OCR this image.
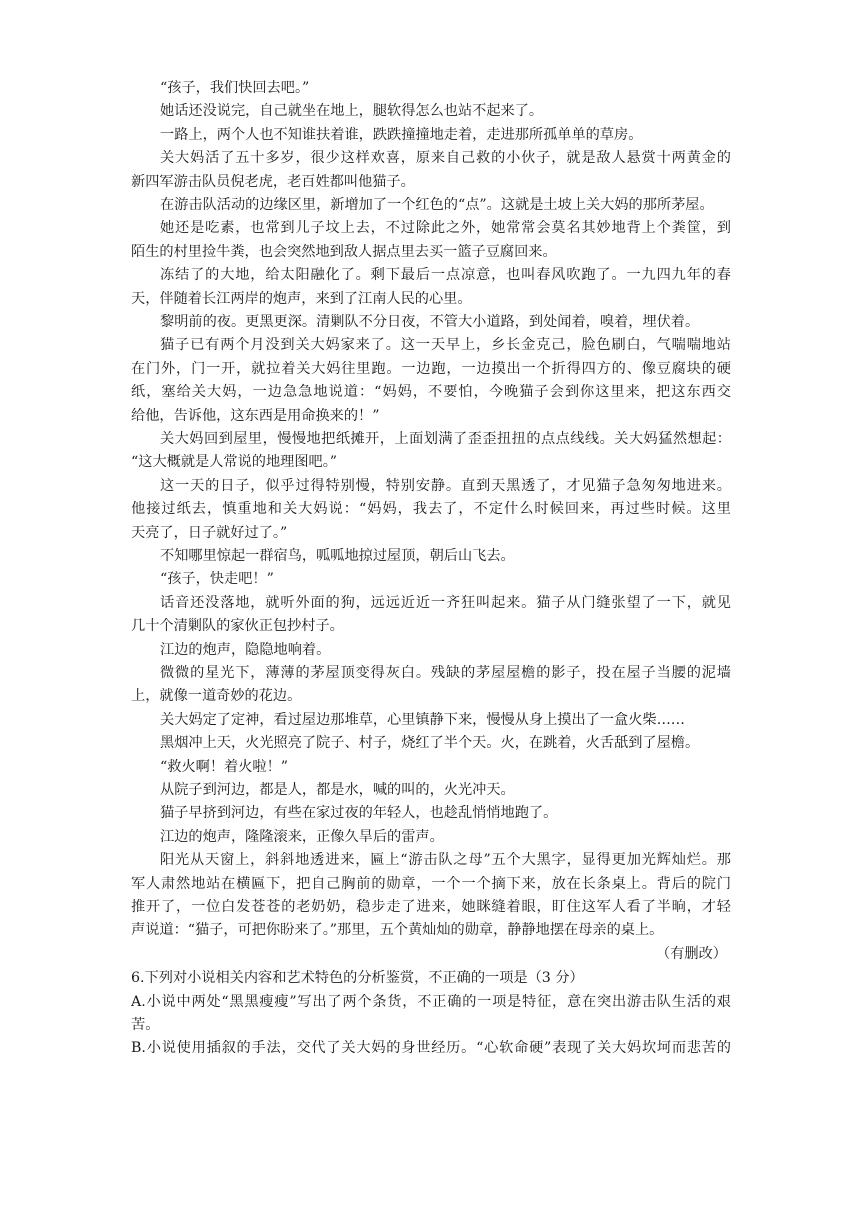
“孩子，我们快回去吧。”
她话还没说完，自己就坐在地上，腿软得怎么也站不起来了。
一路上，两个人也不知谁扶着谁，跌跌撞撞地走着，走进那所孤单单的草房。
关大妈活了五十多岁，很少这样欢喜，原来自己救的小伙子，就是敌人悬赏十两黄金的
新四军游击队员倪老虎，老百姓都叫他猫子。
在游击队活动的边缘区里，新增加了一个红色的“点”。这就是土坡上关大妈的那所茅屋。
她还是吃素，也常到儿子坟上去，不过除此之外，她常常会莫名其妙地背上个粪筐，到
陌生的村里捡牛粪，也会突然地到敌人据点里去买一篮子豆腐回来。
冻结了的大地，给太阳融化了。剩下最后一点凉意，也叫春风吹跑了。一九四九年的春
天，伴随着长江两岸的炮声，来到了江南人民的心里。
黎明前的夜。更黑更深。清剿队不分日夜，不管大小道路，到处闻着，嗅着，埋伏着。
猫子已有两个月没到关大妈家来了。这一天早上，乡长金克己，脸色刷白，气喘喘地站
在门外，门一开，就拉着关大妈往里跑。一边跑，一边摸出一个折得四方的、像豆腐块的硬
纸，塞给关大妈，一边急急地说道：“妈妈，不要怕，今晚猫子会到你这里来，把这东西交
给他，告诉他，这东西是用命换来的！”
关大妈回到屋里，慢慢地把纸摊开，上面划满了歪歪扭扭的点点线线。关大妈猛然想起：
“这大概就是人常说的地理图吧。”
这一天的日子，似乎过得特别慢，特别安静。直到天黑透了，才见猫子急匆匆地进来。
他接过纸去，慎重地和关大妈说：“妈妈，我去了，不定什么时候回来，再过些时候。这里
天亮了，日子就好过了。”
不知哪里惊起一群宿鸟，呱呱地掠过屋顶，朝后山飞去。
“孩子，快走吧！”
话音还没落地，就听外面的狗，远远近近一齐狂叫起来。猫子从门缝张望了一下，就见
几十个清剿队的家伙正包抄村子。
江边的炮声，隐隐地响着。
微微的星光下，薄薄的茅屋顶变得灰白。残缺的茅屋屋檐的影子，投在屋子当腰的泥墙
上，就像一道奇妙的花边。
关大妈定了定神，看过屋边那堆草，心里镇静下来，慢慢从身上摸出了一盒火柴……
黑烟冲上天，火光照亮了院子、村子，烧红了半个天。火，在跳着，火舌舐到了屋檐。
“救火啊！着火啦！”
从院子到河边，都是人，都是水，喊的叫的，火光冲天。
猫子早挤到河边，有些在家过夜的年轻人，也趁乱悄悄地跑了。
江边的炮声，隆隆滚来，正像久旱后的雷声。
阳光从天窗上，斜斜地透进来，匾上“游击队之母”五个大黑字，显得更加光辉灿烂。那
军人肃然地站在横匾下，把自己胸前的勋章，一个一个摘下来，放在长条桌上。背后的院门
推开了，一位白发苍苍的老奶奶，稳步走了进来，她眯缝着眼，盯住这军人看了半晌，才轻
声说道：“猫子，可把你盼来了。”那里，五个黄灿灿的勋章，静静地摆在母亲的桌上。
（有删改）
6.下列对小说相关内容和艺术特色的分析鉴赏，不正确的一项是（3 分）
A.小说中两处“黑黑瘦瘦”写出了两个条货，不正确的一项是特征，意在突出游击队生活的艰
苦。
B.小说使用插叙的手法，交代了关大妈的身世经历。“心软命硬”表现了关大妈坎坷而悲苦的
